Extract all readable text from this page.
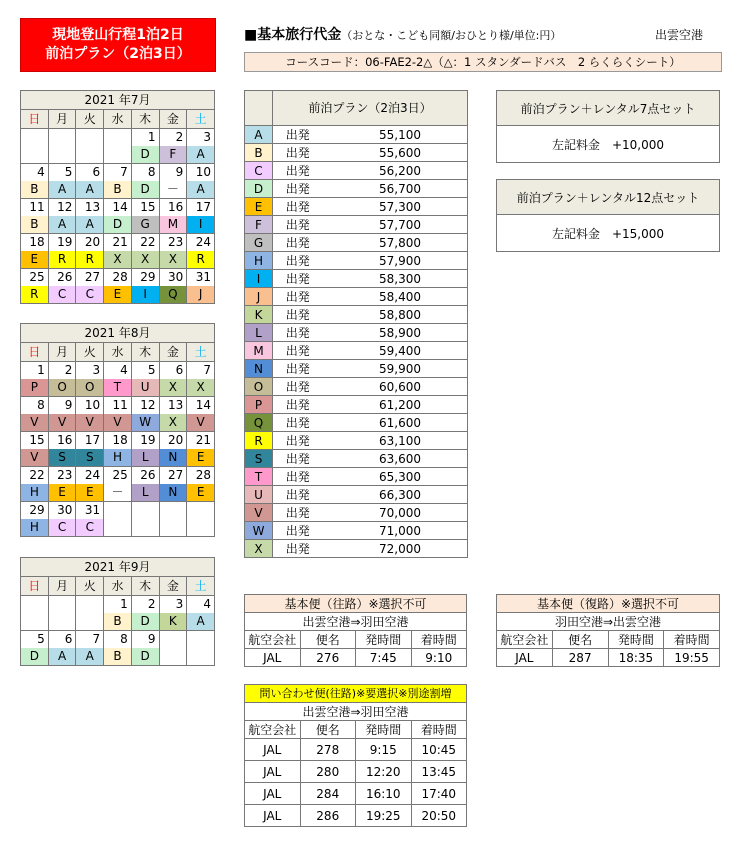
現地登山行程1泊2日
前泊プラン（2泊3日）
■基本旅行代金（おとな・こども同額/おひとり様/単位:円）	出雲空港
コースコード：06-FAE2-2△（△：1 スタンダードバス　2 らくらくシート）
2021 年7月						
日	月	火	水	木	金	土
				1	2	3
				D	F	A
4	5	6	7	8	9	10
B	A	A	B	D	－	A
11	12	13	14	15	16	17
B	A	A	D	G	M	I
18	19	20	21	22	23	24
E	R	R	X	X	X	R
25	26	27	28	29	30	31
R	C	C	E	I	Q	J
2021 年8月						
日	月	火	水	木	金	土
1	2	3	4	5	6	7
P	O	O	T	U	X	X
8	9	10	11	12	13	14
V	V	V	V	W	X	V
15	16	17	18	19	20	21
V	S	S	H	L	N	E
22	23	24	25	26	27	28
H	E	E	－	L	N	E
29	30	31				
H	C	C				
2021 年9月						
日	月	火	水	木	金	土
			1	2	3	4
			B	D	K	A
5	6	7	8	9		
D	A	A	B	D		
	前泊プラン（2泊3日）	
A	出発	55,100
B	出発	55,600
C	出発	56,200
D	出発	56,700
E	出発	57,300
F	出発	57,700
G	出発	57,800
H	出発	57,900
I	出発	58,300
J	出発	58,400
K	出発	58,800
L	出発	58,900
M	出発	59,400
N	出発	59,900
O	出発	60,600
P	出発	61,200
Q	出発	61,600
R	出発	63,100
S	出発	63,600
T	出発	65,300
U	出発	66,300
V	出発	70,000
W	出発	71,000
X	出発	72,000
前泊プラン＋レンタル7点セット
左記料金　+10,000
前泊プラン＋レンタル12点セット
左記料金　+15,000
基本便（往路）※選択不可			
出雲空港⇒羽田空港			
航空会社	便名	発時間	着時間
JAL	276	7:45	9:10
基本便（復路）※選択不可			
羽田空港⇒出雲空港			
航空会社	便名	発時間	着時間
JAL	287	18:35	19:55
問い合わせ便(往路)※要選択※別途割増			
出雲空港⇒羽田空港			
航空会社	便名	発時間	着時間
JAL	278	9:15	10:45
JAL	280	12:20	13:45
JAL	284	16:10	17:40
JAL	286	19:25	20:50
